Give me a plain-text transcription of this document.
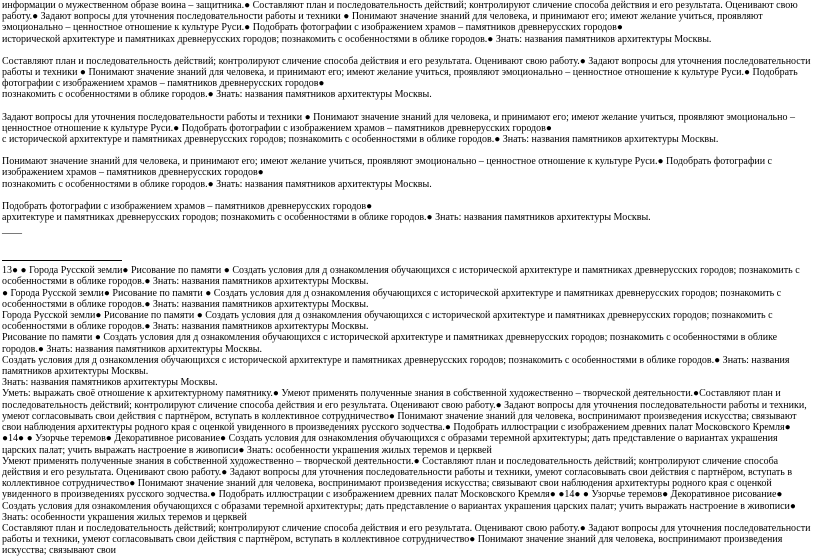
информации о мужественном образе воина – защитника.● Составляют план и последовательность действий; контролируют сличение способа действия и его результата. Оценивают свою работу.● Задают вопросы для уточнения последовательности работы и техники ● Понимают значение знаний для человека, и принимают его; имеют желание учиться, проявляют эмоционально – ценностное отношение к культуре Руси.● Подобрать фотографии с изображением храмов – памятников древнерусских городов●

исторической архитектуре и памятниках древнерусских городов; познакомить с особенностями в облике городов.● Знать: названия памятников архитектуры Москвы.

Составляют план и последовательность действий; контролируют сличение способа действия и его результата. Оценивают свою работу.● Задают вопросы для уточнения последовательности работы и техники ● Понимают значение знаний для человека, и принимают его; имеют желание учиться, проявляют эмоционально – ценностное отношение к культуре Руси.● Подобрать фотографии с изображением храмов – памятников древнерусских городов●

познакомить с особенностями в облике городов.● Знать: названия памятников архитектуры Москвы.

Задают вопросы для уточнения последовательности работы и техники ● Понимают значение знаний для человека, и принимают его; имеют желание учиться, проявляют эмоционально – ценностное отношение к культуре Руси.● Подобрать фотографии с изображением храмов – памятников древнерусских городов●

с исторической архитектуре и памятниках древнерусских городов; познакомить с особенностями в облике городов.● Знать: названия памятников архитектуры Москвы.

Понимают значение знаний для человека, и принимают его; имеют желание учиться, проявляют эмоционально – ценностное отношение к культуре Руси.● Подобрать фотографии с изображением храмов – памятников древнерусских городов●

познакомить с особенностями в облике городов.● Знать: названия памятников архитектуры Москвы.

Подобрать фотографии с изображением храмов – памятников древнерусских городов●

архитектуре и памятниках древнерусских городов; познакомить с особенностями в облике городов.● Знать: названия памятников архитектуры Москвы.

____

13● ● Города Русской земли● Рисование по памяти ● Создать условия для д ознакомления обучающихся с исторической архитектуре и памятниках древнерусских городов; познакомить с особенностями в облике городов.● Знать: названия памятников архитектуры Москвы.

● Города Русской земли● Рисование по памяти ● Создать условия для д ознакомления обучающихся с исторической архитектуре и памятниках древнерусских городов; познакомить с особенностями в облике городов.● Знать: названия памятников архитектуры Москвы.

Города Русской земли● Рисование по памяти ● Создать условия для д ознакомления обучающихся с исторической архитектуре и памятниках древнерусских городов; познакомить с особенностями в облике городов.● Знать: названия памятников архитектуры Москвы.

Рисование по памяти ● Создать условия для д ознакомления обучающихся с исторической архитектуре и памятниках древнерусских городов; познакомить с особенностями в облике городов.● Знать: названия памятников архитектуры Москвы.

Создать условия для д ознакомления обучающихся с исторической архитектуре и памятниках древнерусских городов; познакомить с особенностями в облике городов.● Знать: названия памятников архитектуры Москвы.

Знать: названия памятников архитектуры Москвы.

Уметь: выражать своё отношение к архитектурному памятнику.● Умеют применять полученные знания в собственной художественно – творческой деятельности.●Составляют план и последовательность действий; контролируют сличение способа действия и его результата. Оценивают свою работу.● Задают вопросы для уточнения последовательности работы и техники, умеют согласовывать свои действия с партнёром, вступать в коллективное сотрудничество● Понимают значение знаний для человека, воспринимают произведения искусства; связывают свои наблюдения архитектуры родного края с оценкой увиденного в произведениях русского зодчества.● Подобрать иллюстрации с изображением древних палат Московского Кремля● ●14● ● Узорчье теремов● Декоративное рисование● Создать условия для ознакомления обучающихся с образами теремной архитектуры; дать представление о вариантах украшения царских палат; учить выражать настроение в живописи● Знать: особенности украшения жилых теремов и церквей

Умеют применять полученные знания в собственной художественно – творческой деятельности.● Составляют план и последовательность действий; контролируют сличение способа действия и его результата. Оценивают свою работу.● Задают вопросы для уточнения последовательности работы и техники, умеют согласовывать свои действия с партнёром, вступать в коллективное сотрудничество● Понимают значение знаний для человека, воспринимают произведения искусства; связывают свои наблюдения архитектуры родного края с оценкой увиденного в произведениях русского зодчества.● Подобрать иллюстрации с изображением древних палат Московского Кремля● ●14● ● Узорчье теремов● Декоративное рисование● Создать условия для ознакомления обучающихся с образами теремной архитектуры; дать представление о вариантах украшения царских палат; учить выражать настроение в живописи● Знать: особенности украшения жилых теремов и церквей

Составляют план и последовательность действий; контролируют сличение способа действия и его результата. Оценивают свою работу.● Задают вопросы для уточнения последовательности работы и техники, умеют согласовывать свои действия с партнёром, вступать в коллективное сотрудничество● Понимают значение знаний для человека, воспринимают произведения искусства; связывают свои
